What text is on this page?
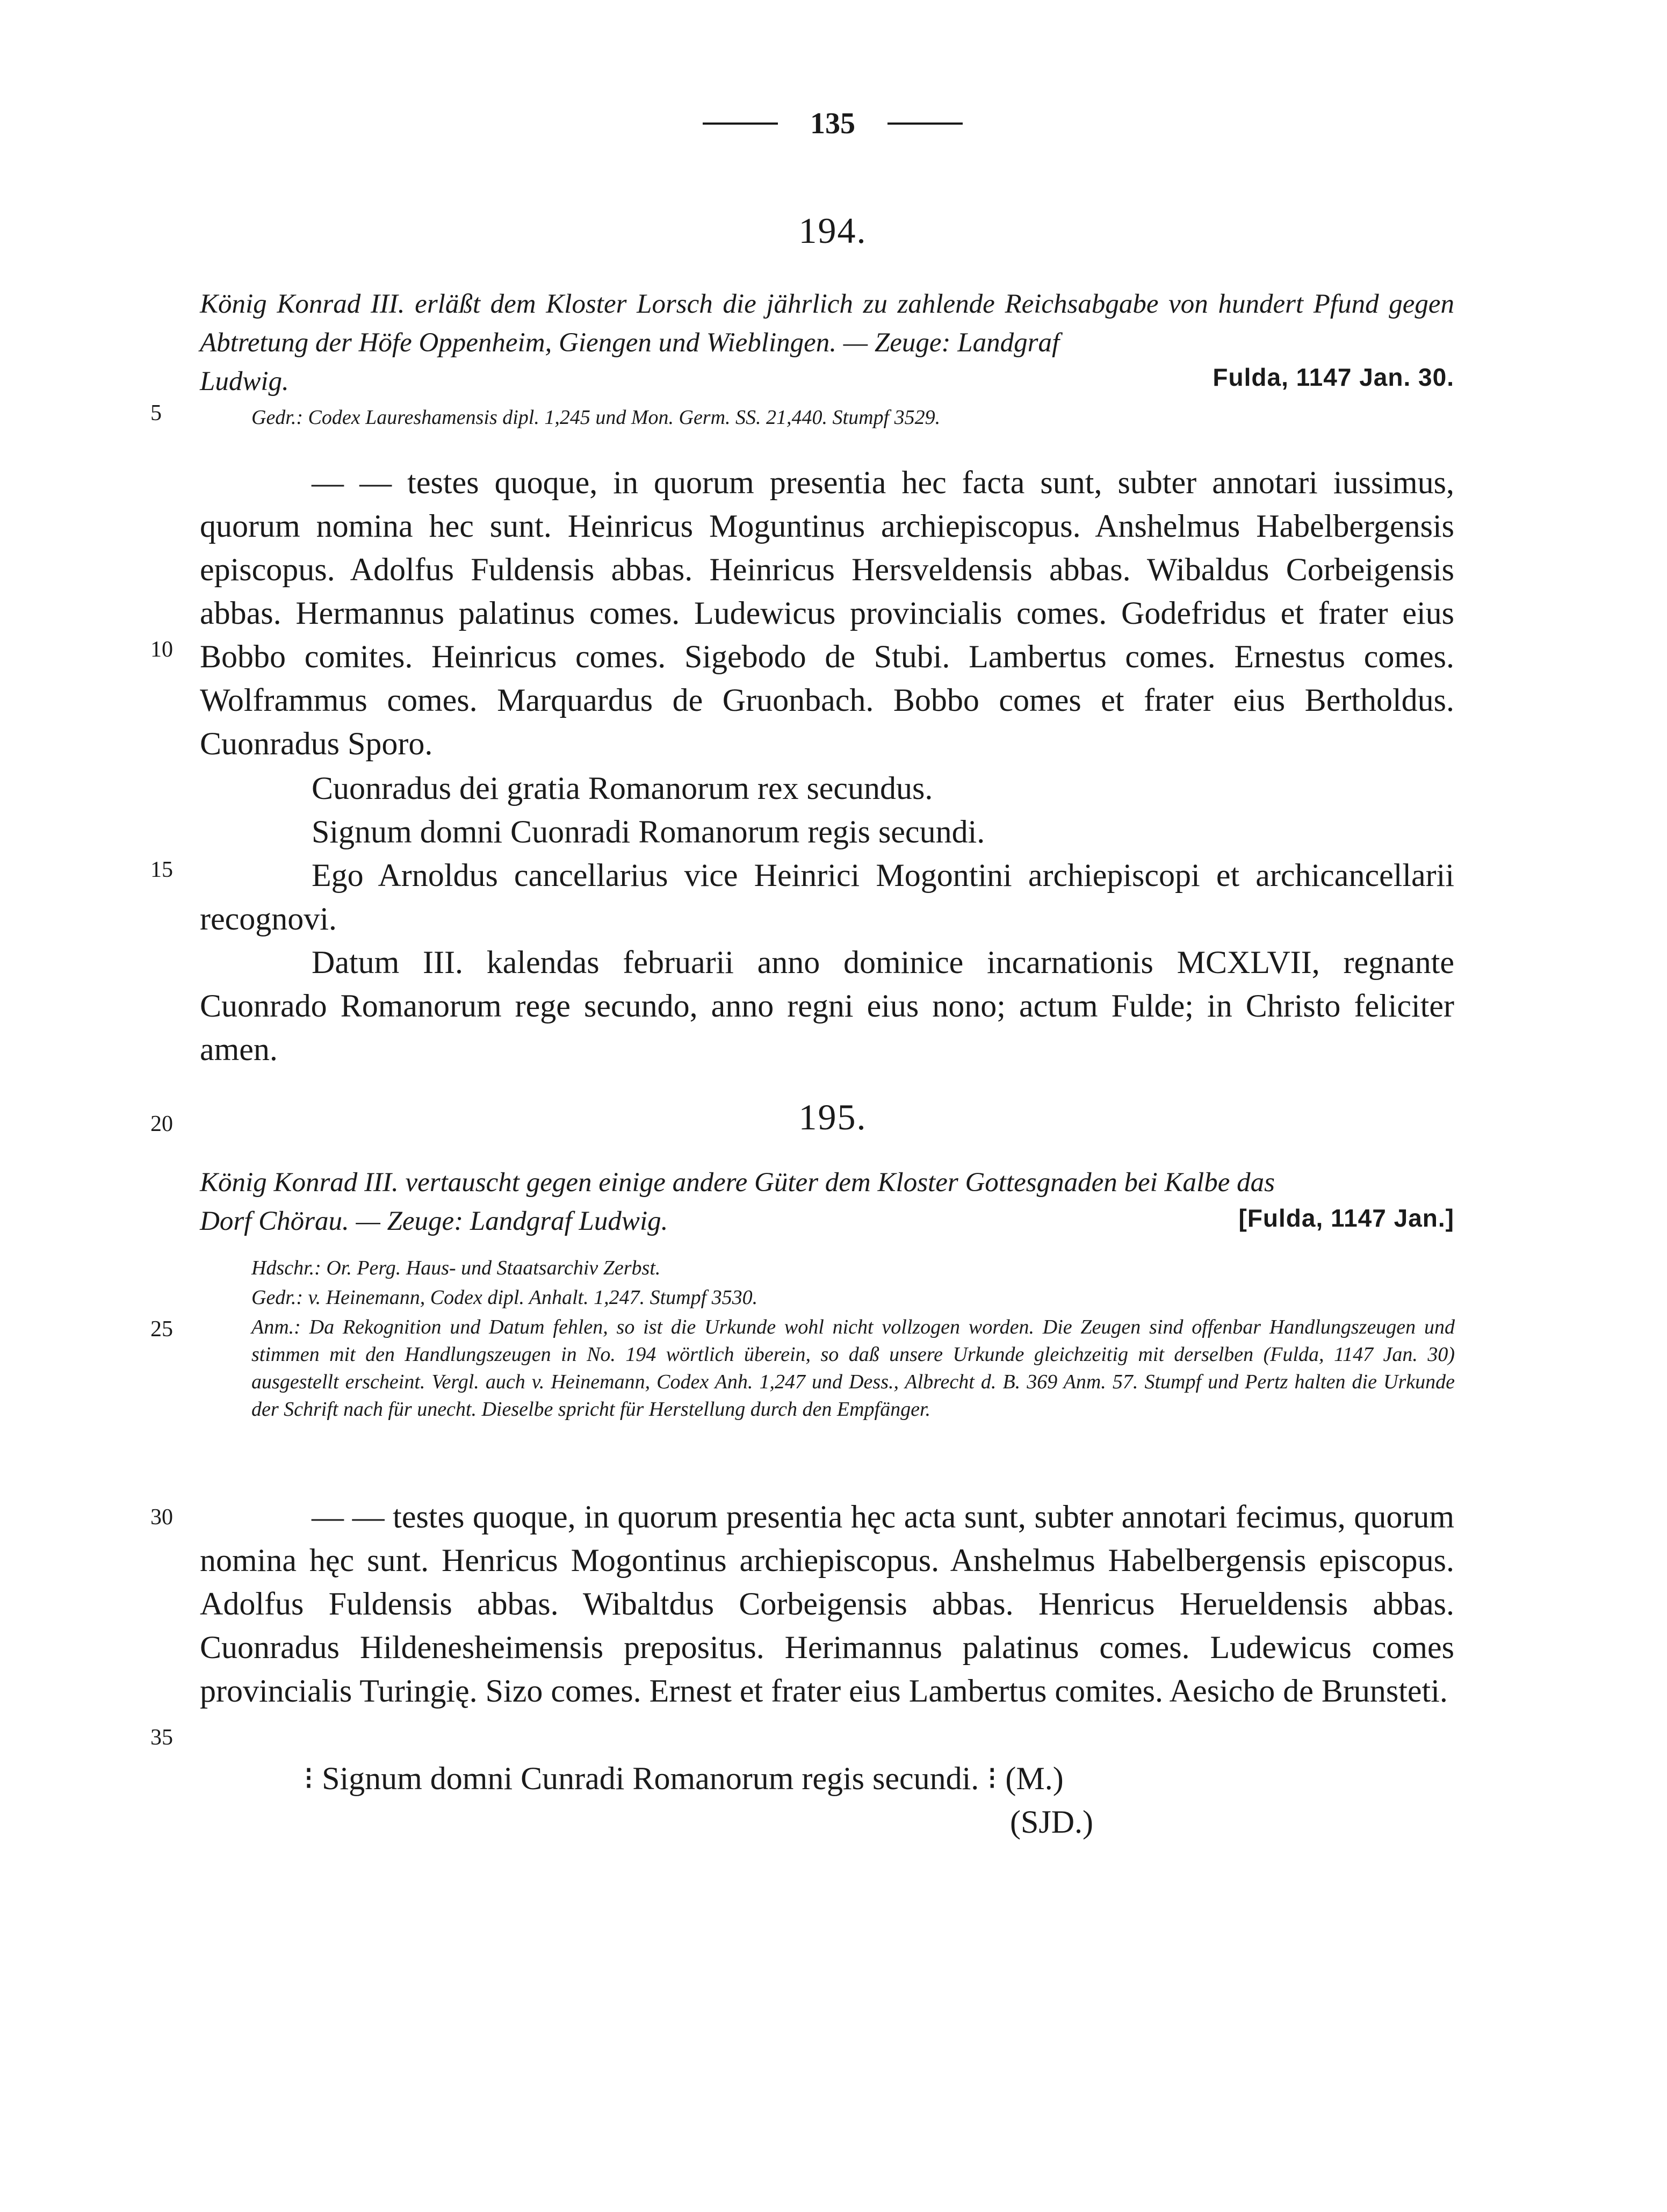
135
5
10
15
20
25
30
35
194.
König Konrad III. erläßt dem Kloster Lorsch die jährlich zu zahlende Reichsabgabe von hundert Pfund gegen Abtretung der Höfe Oppenheim, Giengen und Wieblingen. — Zeuge: Landgraf
Ludwig.	Fulda, 1147 Jan. 30.
Gedr.: Codex Laureshamensis dipl. 1,245 und Mon. Germ. SS. 21,440. Stumpf 3529.
— — testes quoque, in quorum presentia hec facta sunt, subter annotari iussimus, quorum nomina hec sunt. Heinricus Moguntinus archiepiscopus. Anshelmus Habelbergensis episcopus. Adolfus Fuldensis abbas. Heinricus Hersveldensis abbas. Wibaldus Corbeigensis abbas. Hermannus palatinus comes. Ludewicus provincialis comes. Godefridus et frater eius Bobbo comites. Heinricus comes. Sigebodo de Stubi. Lambertus comes. Ernestus comes. Wolframmus comes. Marquardus de Gruonbach. Bobbo comes et frater eius Bertholdus. Cuonradus Sporo.
Cuonradus dei gratia Romanorum rex secundus.
Signum domni Cuonradi Romanorum regis secundi.
Ego Arnoldus cancellarius vice Heinrici Mogontini archiepiscopi et archicancellarii recognovi.
Datum III. kalendas februarii anno dominice incarnationis MCXLVII, regnante Cuonrado Romanorum rege secundo, anno regni eius nono; actum Fulde; in Christo feliciter amen.
195.
König Konrad III. vertauscht gegen einige andere Güter dem Kloster Gottesgnaden bei Kalbe das
Dorf Chörau. — Zeuge: Landgraf Ludwig.	[Fulda, 1147 Jan.]
Hdschr.: Or. Perg. Haus- und Staatsarchiv Zerbst.
Gedr.: v. Heinemann, Codex dipl. Anhalt. 1,247. Stumpf 3530.
Anm.: Da Rekognition und Datum fehlen, so ist die Urkunde wohl nicht vollzogen worden. Die Zeugen sind offenbar Handlungszeugen und stimmen mit den Handlungszeugen in No. 194 wörtlich überein, so daß unsere Urkunde gleichzeitig mit derselben (Fulda, 1147 Jan. 30) ausgestellt erscheint. Vergl. auch v. Heinemann, Codex Anh. 1,247 und Dess., Albrecht d. B. 369 Anm. 57. Stumpf und Pertz halten die Urkunde der Schrift nach für unecht. Dieselbe spricht für Herstellung durch den Empfänger.
— — testes quoque, in quorum presentia hęc acta sunt, subter annotari fecimus, quorum nomina hęc sunt. Henricus Mogontinus archiepiscopus. Anshelmus Habelbergensis episcopus. Adolfus Fuldensis abbas. Wibaltdus Corbeigensis abbas. Henricus Herueldensis abbas. Cuonradus Hildenesheimensis prepositus. Herimannus palatinus comes. Ludewicus comes provincialis Turingię. Sizo comes. Ernest et frater eius Lambertus comites. Aesicho de Brunsteti.
⁝ Signum domni Cunradi Romanorum regis secundi. ⁝ (M.)
(SJD.)
